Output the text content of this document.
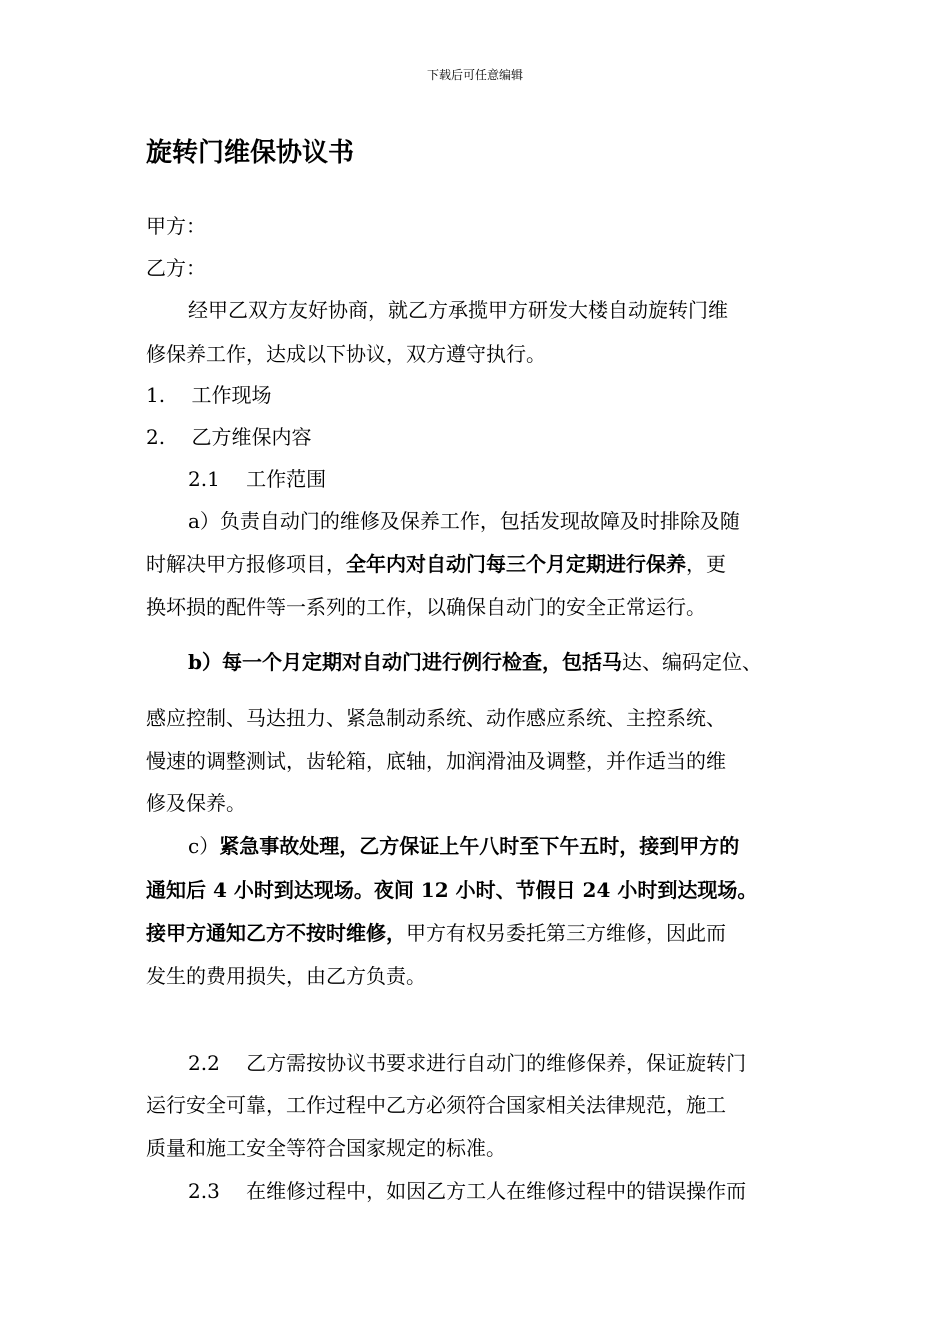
下载后可任意编辑
旋转门维保协议书
甲方：
乙方：
经甲乙双方友好协商，就乙方承揽甲方研发大楼自动旋转门维
修保养工作，达成以下协议，双方遵守执行。
1.　 工作现场
2.　 乙方维保内容
2.1　 工作范围
a）负责自动门的维修及保养工作，包括发现故障及时排除及随
时解决甲方报修项目，全年内对自动门每三个月定期进行保养，更
换坏损的配件等一系列的工作，以确保自动门的安全正常运行。
b）每一个月定期对自动门进行例行检查，包括马达、编码定位、
感应控制、马达扭力、紧急制动系统、动作感应系统、主控系统、
慢速的调整测试，齿轮箱，底轴，加润滑油及调整，并作适当的维
修及保养。
c）紧急事故处理，乙方保证上午八时至下午五时，接到甲方的
通知后 4 小时到达现场。夜间 12 小时、节假日 24 小时到达现场。
接甲方通知乙方不按时维修，甲方有权另委托第三方维修，因此而
发生的费用损失，由乙方负责。
2.2　 乙方需按协议书要求进行自动门的维修保养，保证旋转门
运行安全可靠，工作过程中乙方必须符合国家相关法律规范，施工
质量和施工安全等符合国家规定的标准。
2.3　 在维修过程中，如因乙方工人在维修过程中的错误操作而
